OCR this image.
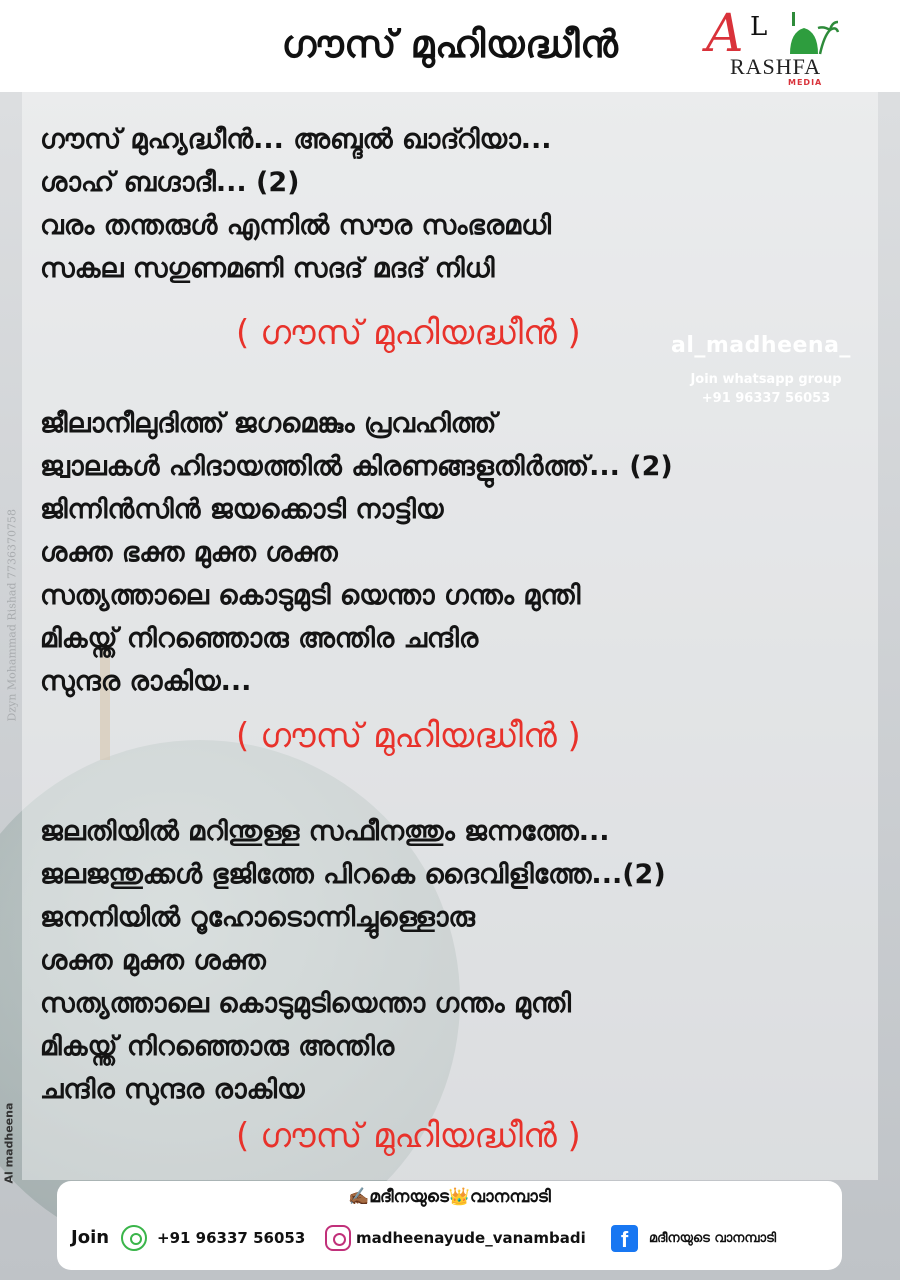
ഗൗസ് മുഹിയദ്ധീൻ	A L
RASHFA
MEDIA
Dzyn Mohammad Rishad 7736370758
Al madheena
ഗൗസ് മുഹ്യദ്ധീൻ... അബ്ദൽ ഖാദ്റിയാ...
ശാഹ് ബഗ്ദാദീ... (2)
വരം തന്തരുൾ എന്നിൽ സൗര സംഭരമധി
സകല സഗുണമണി സദദ് മദദ് നിധി
( ഗൗസ് മുഹിയദ്ധീൻ )	al_madheena_
Join whatsapp group
+91 96337 56053
ജീലാനീലുദിത്ത് ജഗമെങ്കും പ്രവഹിത്ത്
ജ്വാലകൾ ഹിദായത്തിൽ കിരണങ്ങളുതിർത്ത്... (2)
ജിന്നിൻസിൻ ജയക്കൊടി നാട്ടിയ
ശക്ത ഭക്ത മുക്ത ശക്ത
സത്യത്താലെ കൊടുമുടി യെന്താ ഗന്തം മുന്തി
മികയ്ന്ത് നിറഞ്ഞൊരു അന്തിര ചന്ദിര
സുന്ദര രാകിയ...
( ഗൗസ് മുഹിയദ്ധീൻ )
ജലതിയിൽ മറിന്തുള്ള സഫീനത്തും ജന്നത്തേ...
ജലജന്തുക്കൾ ഭുജിത്തേ പിറകെ ദൈവിളിത്തേ...(2)
ജനനിയിൽ റൂഹോടൊന്നിച്ചുള്ളൊരു
ശക്ത മുക്ത ശക്ത
സത്യത്താലെ കൊടുമുടിയെന്താ ഗന്തം മുന്തി
മികയ്ന്ത് നിറഞ്ഞൊരു അന്തിര
ചന്ദിര സുന്ദര രാകിയ
( ഗൗസ് മുഹിയദ്ധീൻ )
✍🏾മദീനയുടെ👑വാനമ്പാടി
Join	+91 96337 56053	madheenayude_vanambadi	f	മദീനയുടെ വാനമ്പാടി
